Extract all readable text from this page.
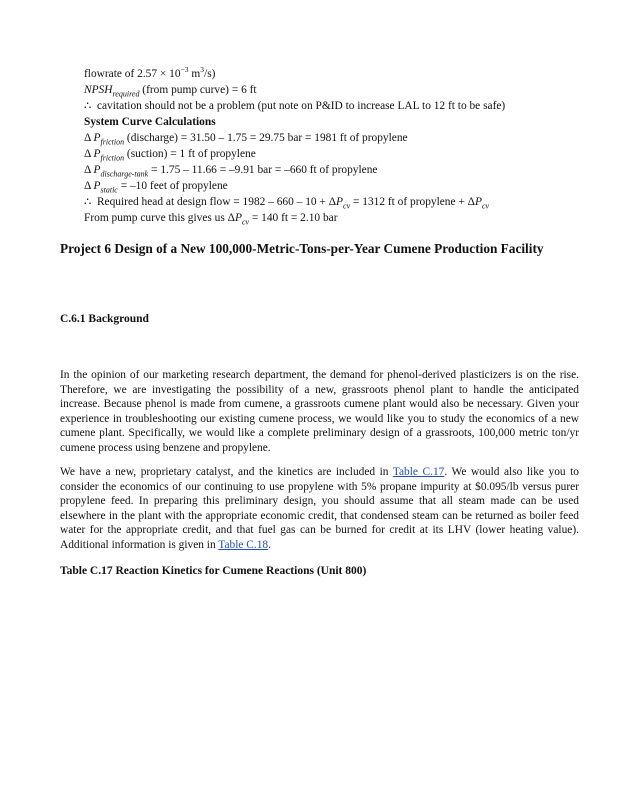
flowrate of $2.57 \times 10^{-3}$ $m^3/s$)
$NPSH_{required}$ (from pump curve) = 6 ft
∴  cavitation should not be a problem (put note on P&ID to increase LAL to 12 ft to be safe)
System Curve Calculations
Δ $P_{friction}$ (discharge) = 31.50 – 1.75 = 29.75 bar = 1981 ft of propylene
Δ $P_{friction}$ (suction) = 1 ft of propylene
Δ $P_{discharge-tank} = 1.75 - 11.66 = -9.91$ bar = –660 ft of propylene
Δ $P_{static} = -10$ feet of propylene
∴  Required head at design flow = $1982 - 660 - 10 + \Delta P_{cv} = 1312$ ft of propylene + $\Delta P_{cv}$
From pump curve this gives us $\Delta P_{cv} = 140$ ft = 2.10 bar
Project 6 Design of a New 100,000-Metric-Tons-per-Year Cumene Production Facility
C.6.1 Background

In the opinion of our marketing research department, the demand for phenol-derived plasticizers is on the rise. Therefore, we are investigating the possibility of a new, grassroots phenol plant to handle the anticipated increase. Because phenol is made from cumene, a grassroots cumene plant would also be necessary. Given your experience in troubleshooting our existing cumene process, we would like you to study the economics of a new cumene plant. Specifically, we would like a complete preliminary design of a grassroots, 100,000 metric ton/yr cumene process using benzene and propylene.

We have a new, proprietary catalyst, and the kinetics are included in Table C.17. We would also like you to consider the economics of our continuing to use propylene with 5% propane impurity at $0.095/lb versus purer propylene feed. In preparing this preliminary design, you should assume that all steam made can be used elsewhere in the plant with the appropriate economic credit, that condensed steam can be returned as boiler feed water for the appropriate credit, and that fuel gas can be burned for credit at its LHV (lower heating value). Additional information is given in Table C.18.

Table C.17 Reaction Kinetics for Cumene Reactions (Unit 800)
